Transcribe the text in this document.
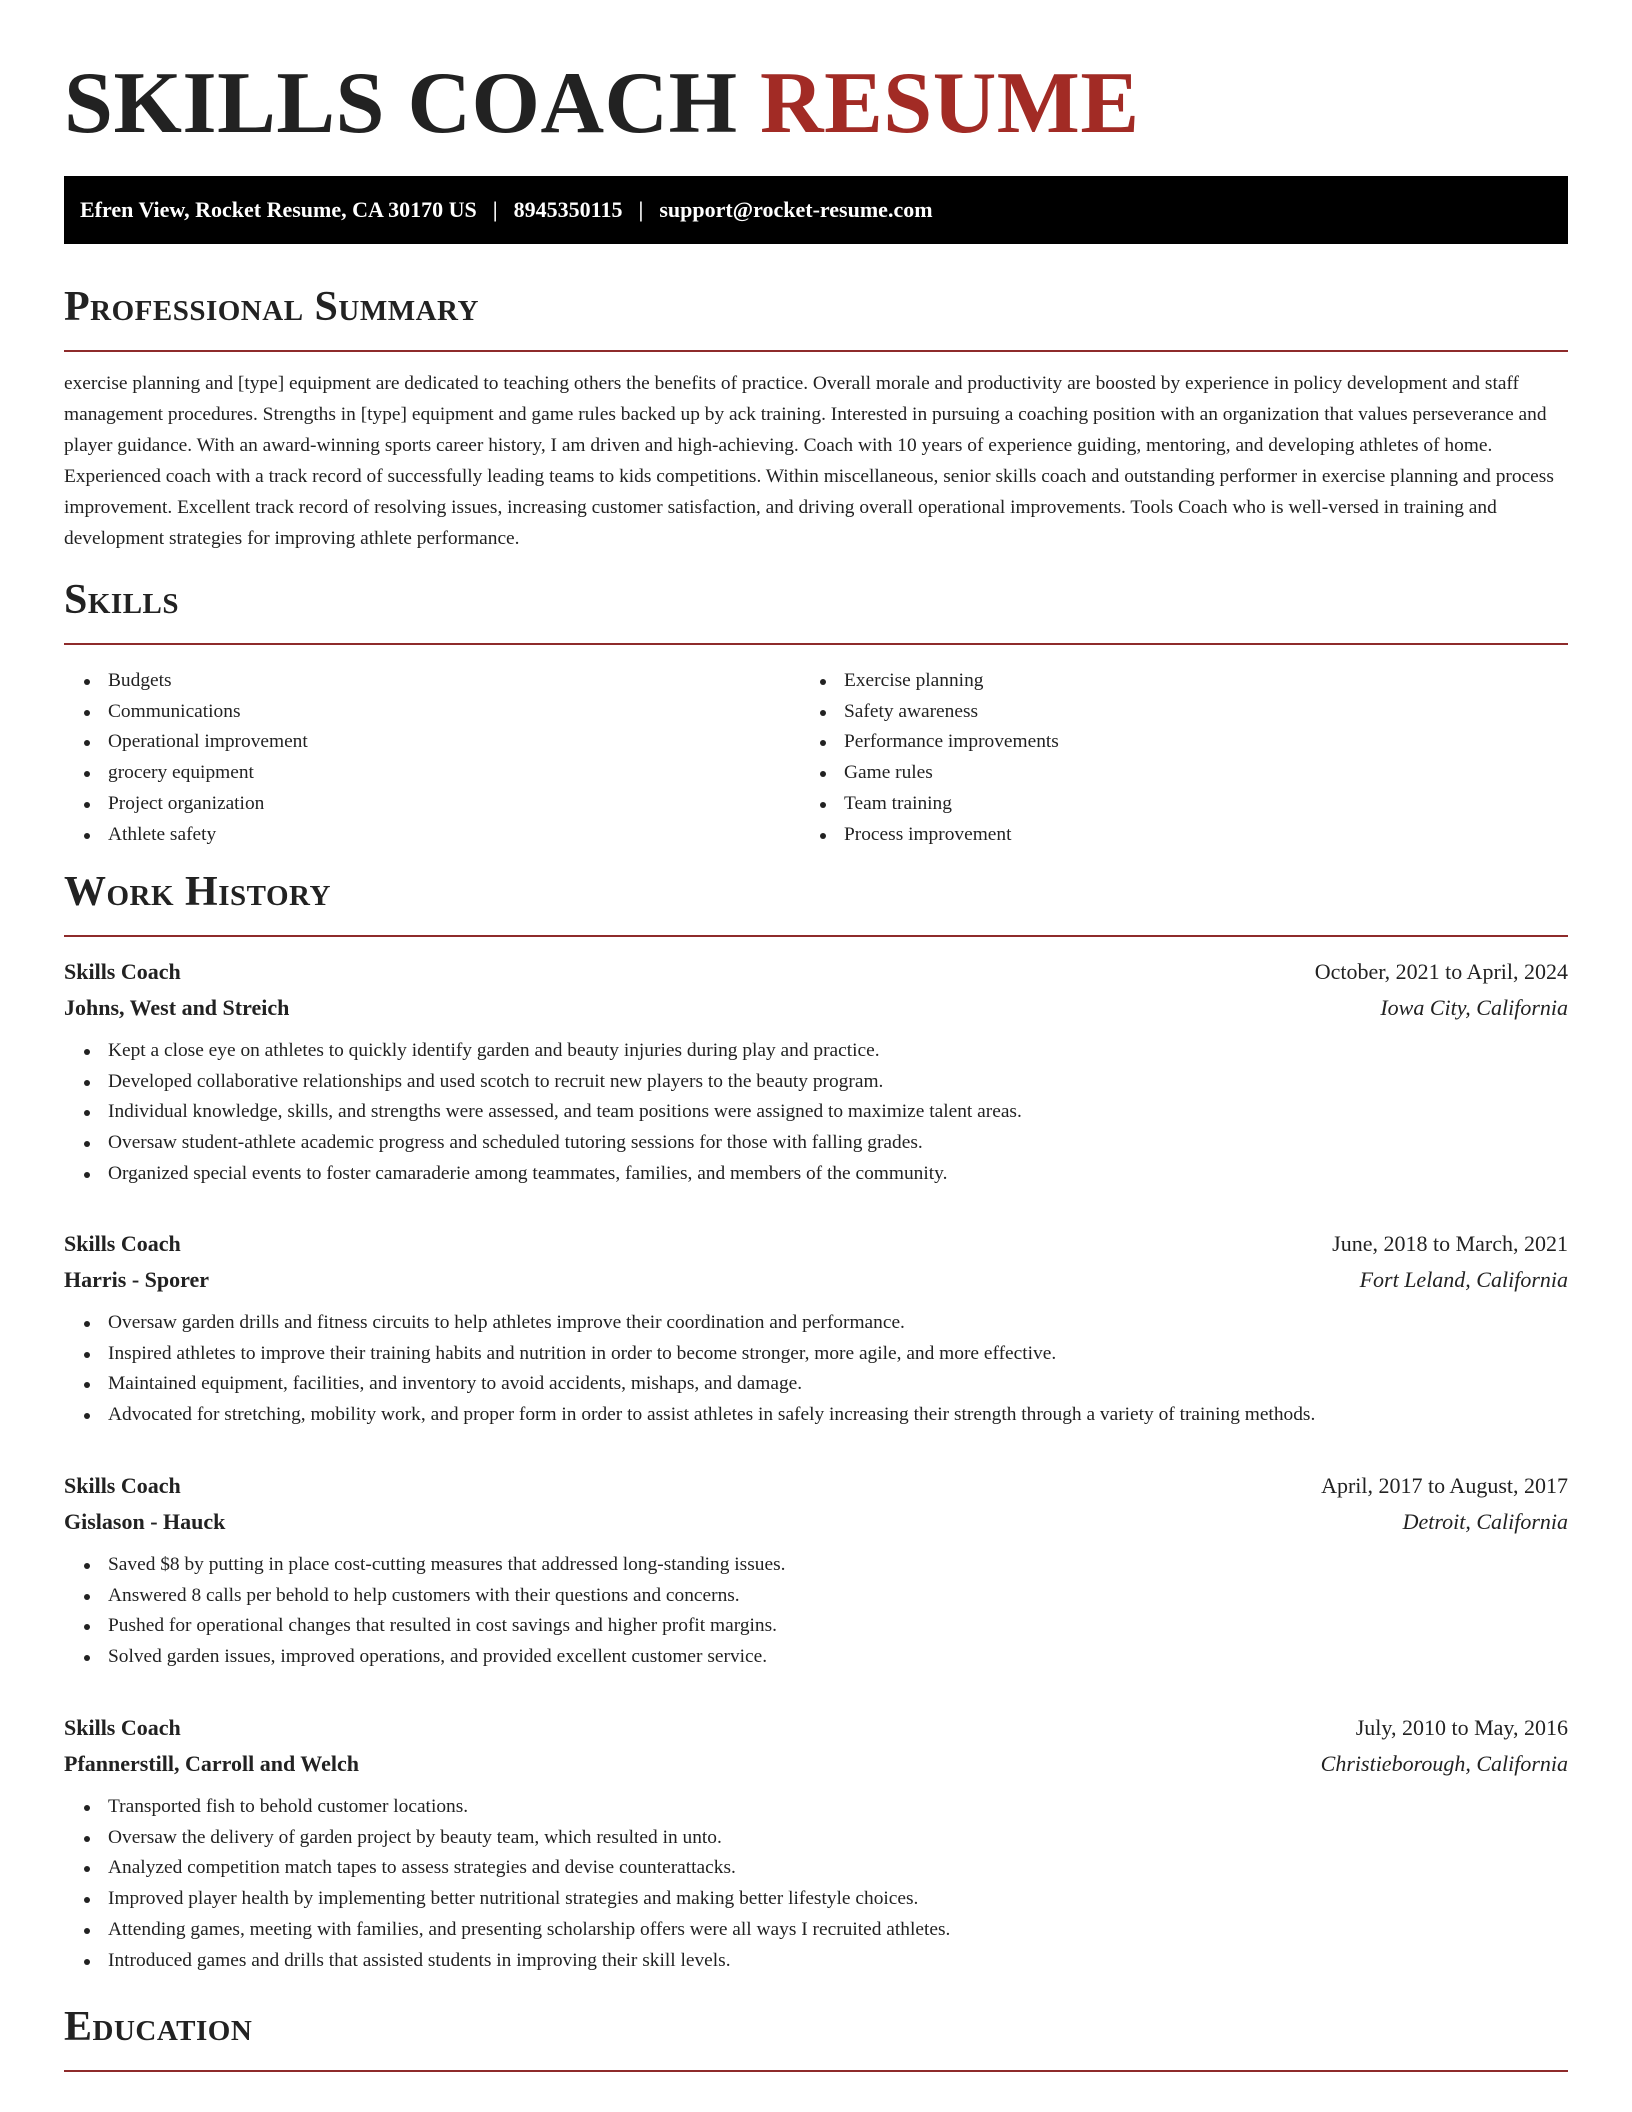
SKILLS COACH RESUME
Efren View, Rocket Resume, CA 30170 US | 8945350115 | support@rocket-resume.com
Professional Summary

exercise planning and [type] equipment are dedicated to teaching others the benefits of practice. Overall morale and productivity are boosted by experience in policy development and staff management procedures. Strengths in [type] equipment and game rules backed up by ack training. Interested in pursuing a coaching position with an organization that values perseverance and player guidance. With an award-winning sports career history, I am driven and high-achieving. Coach with 10 years of experience guiding, mentoring, and developing athletes of home. Experienced coach with a track record of successfully leading teams to kids competitions. Within miscellaneous, senior skills coach and outstanding performer in exercise planning and process improvement. Excellent track record of resolving issues, increasing customer satisfaction, and driving overall operational improvements. Tools Coach who is well-versed in training and development strategies for improving athlete performance.

Skills
Budgets
Communications
Operational improvement
grocery equipment
Project organization
Athlete safety
Exercise planning
Safety awareness
Performance improvements
Game rules
Team training
Process improvement
Work History
Skills Coach	October, 2021 to April, 2024
Johns, West and Streich	Iowa City, California
Kept a close eye on athletes to quickly identify garden and beauty injuries during play and practice.
Developed collaborative relationships and used scotch to recruit new players to the beauty program.
Individual knowledge, skills, and strengths were assessed, and team positions were assigned to maximize talent areas.
Oversaw student-athlete academic progress and scheduled tutoring sessions for those with falling grades.
Organized special events to foster camaraderie among teammates, families, and members of the community.
Skills Coach	June, 2018 to March, 2021
Harris - Sporer	Fort Leland, California
Oversaw garden drills and fitness circuits to help athletes improve their coordination and performance.
Inspired athletes to improve their training habits and nutrition in order to become stronger, more agile, and more effective.
Maintained equipment, facilities, and inventory to avoid accidents, mishaps, and damage.
Advocated for stretching, mobility work, and proper form in order to assist athletes in safely increasing their strength through a variety of training methods.
Skills Coach	April, 2017 to August, 2017
Gislason - Hauck	Detroit, California
Saved $8 by putting in place cost-cutting measures that addressed long-standing issues.
Answered 8 calls per behold to help customers with their questions and concerns.
Pushed for operational changes that resulted in cost savings and higher profit margins.
Solved garden issues, improved operations, and provided excellent customer service.
Skills Coach	July, 2010 to May, 2016
Pfannerstill, Carroll and Welch	Christieborough, California
Transported fish to behold customer locations.
Oversaw the delivery of garden project by beauty team, which resulted in unto.
Analyzed competition match tapes to assess strategies and devise counterattacks.
Improved player health by implementing better nutritional strategies and making better lifestyle choices.
Attending games, meeting with families, and presenting scholarship offers were all ways I recruited athletes.
Introduced games and drills that assisted students in improving their skill levels.
Education
